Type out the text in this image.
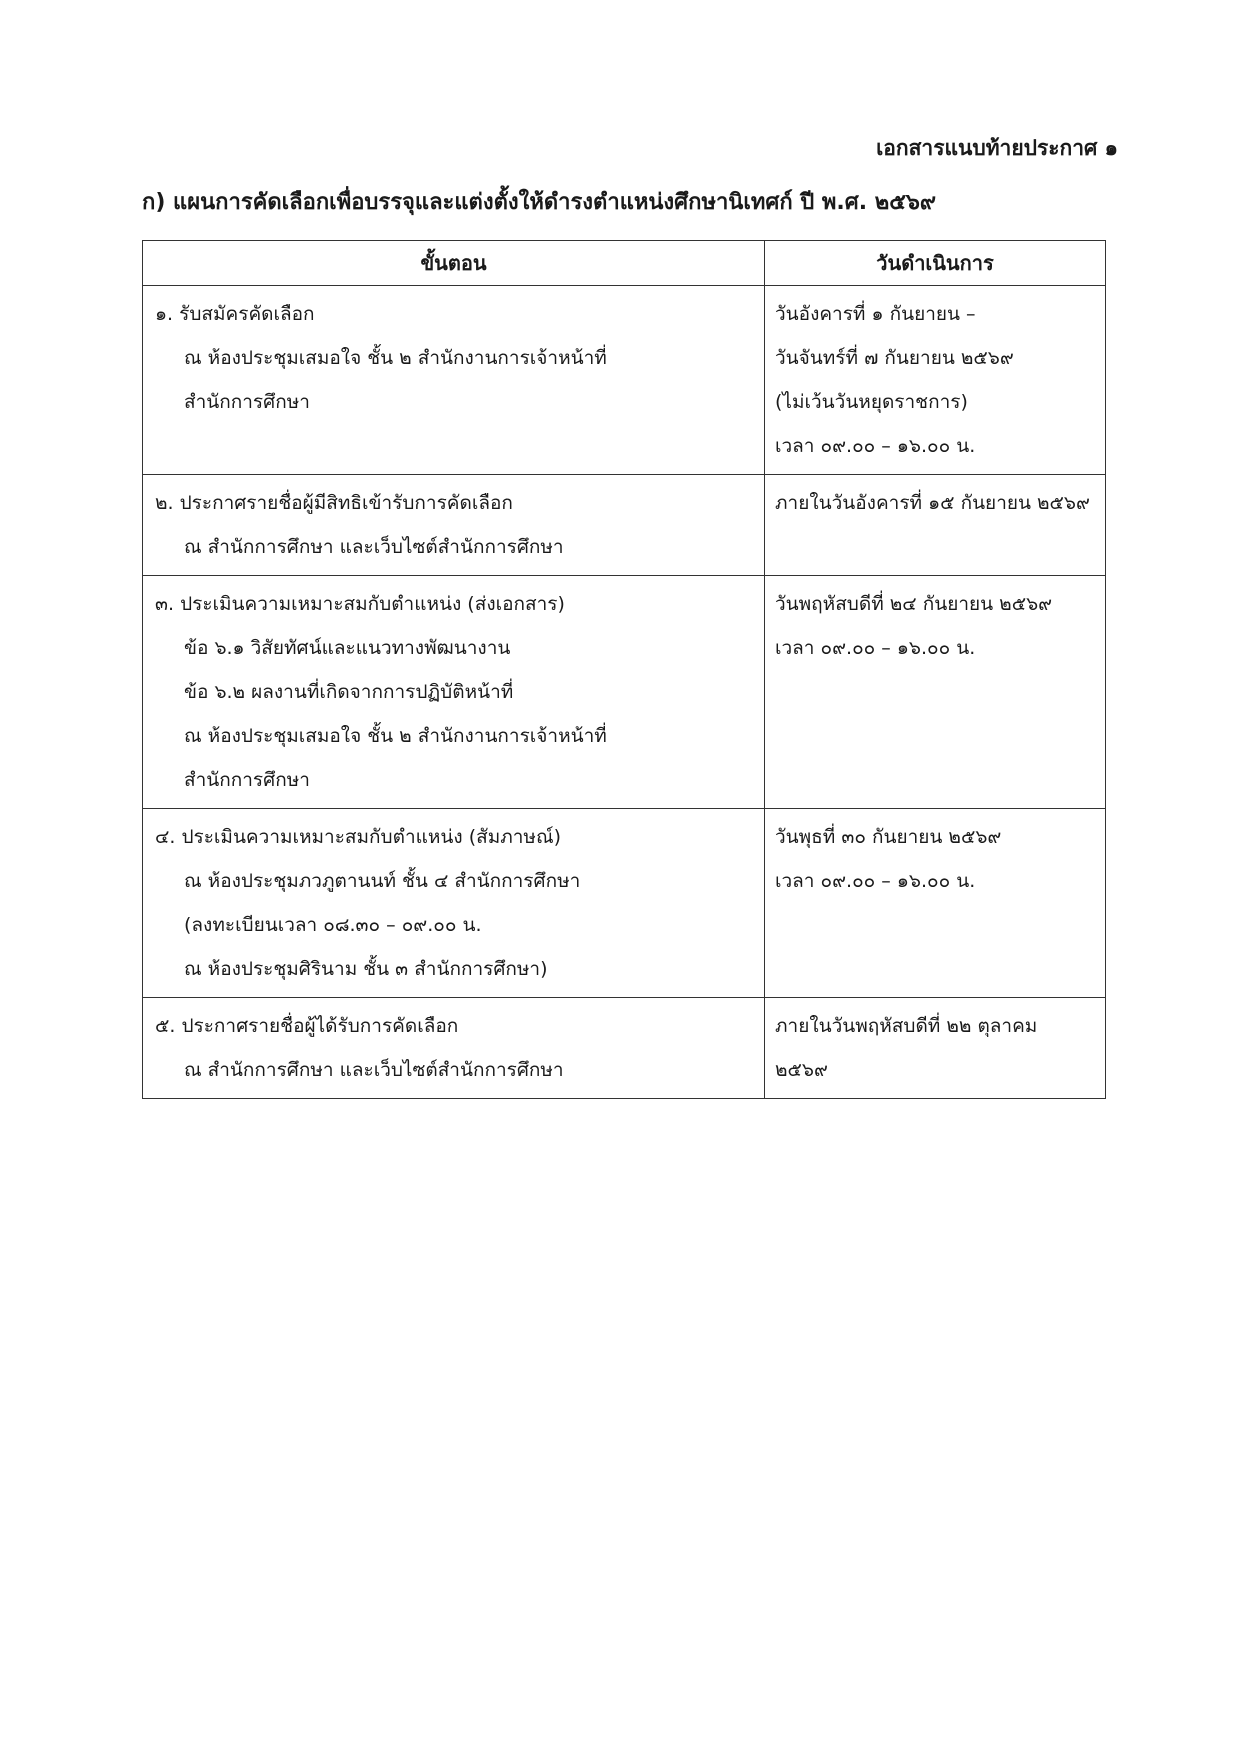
เอกสารแนบท้ายประกาศ ๑
ก) แผนการคัดเลือกเพื่อบรรจุและแต่งตั้งให้ดำรงตำแหน่งศึกษานิเทศก์ ปี พ.ศ. ๒๕๖๙
ขั้นตอน	วันดำเนินการ

๑. รับสมัครคัดเลือก
ณ ห้องประชุมเสมอใจ ชั้น ๒ สำนักงานการเจ้าหน้าที่
สำนักการศึกษา	วันอังคารที่ ๑ กันยายน –
วันจันทร์ที่ ๗ กันยายน ๒๕๖๙
(ไม่เว้นวันหยุดราชการ)
เวลา ๐๙.๐๐ – ๑๖.๐๐ น.

๒. ประกาศรายชื่อผู้มีสิทธิเข้ารับการคัดเลือก
ณ สำนักการศึกษา และเว็บไซต์สำนักการศึกษา	ภายในวันอังคารที่ ๑๕ กันยายน ๒๕๖๙

๓. ประเมินความเหมาะสมกับตำแหน่ง (ส่งเอกสาร)
ข้อ ๖.๑ วิสัยทัศน์และแนวทางพัฒนางาน
ข้อ ๖.๒ ผลงานที่เกิดจากการปฏิบัติหน้าที่
ณ ห้องประชุมเสมอใจ ชั้น ๒ สำนักงานการเจ้าหน้าที่
สำนักการศึกษา	วันพฤหัสบดีที่ ๒๔ กันยายน ๒๕๖๙
เวลา ๐๙.๐๐ – ๑๖.๐๐ น.

๔. ประเมินความเหมาะสมกับตำแหน่ง (สัมภาษณ์)
ณ ห้องประชุมภวภูตานนท์ ชั้น ๔ สำนักการศึกษา
(ลงทะเบียนเวลา ๐๘.๓๐ – ๐๙.๐๐ น.
ณ ห้องประชุมศิรินาม ชั้น ๓ สำนักการศึกษา)	วันพุธที่ ๓๐ กันยายน ๒๕๖๙
เวลา ๐๙.๐๐ – ๑๖.๐๐ น.

๕. ประกาศรายชื่อผู้ได้รับการคัดเลือก
ณ สำนักการศึกษา และเว็บไซต์สำนักการศึกษา	ภายในวันพฤหัสบดีที่ ๒๒ ตุลาคม
๒๕๖๙
